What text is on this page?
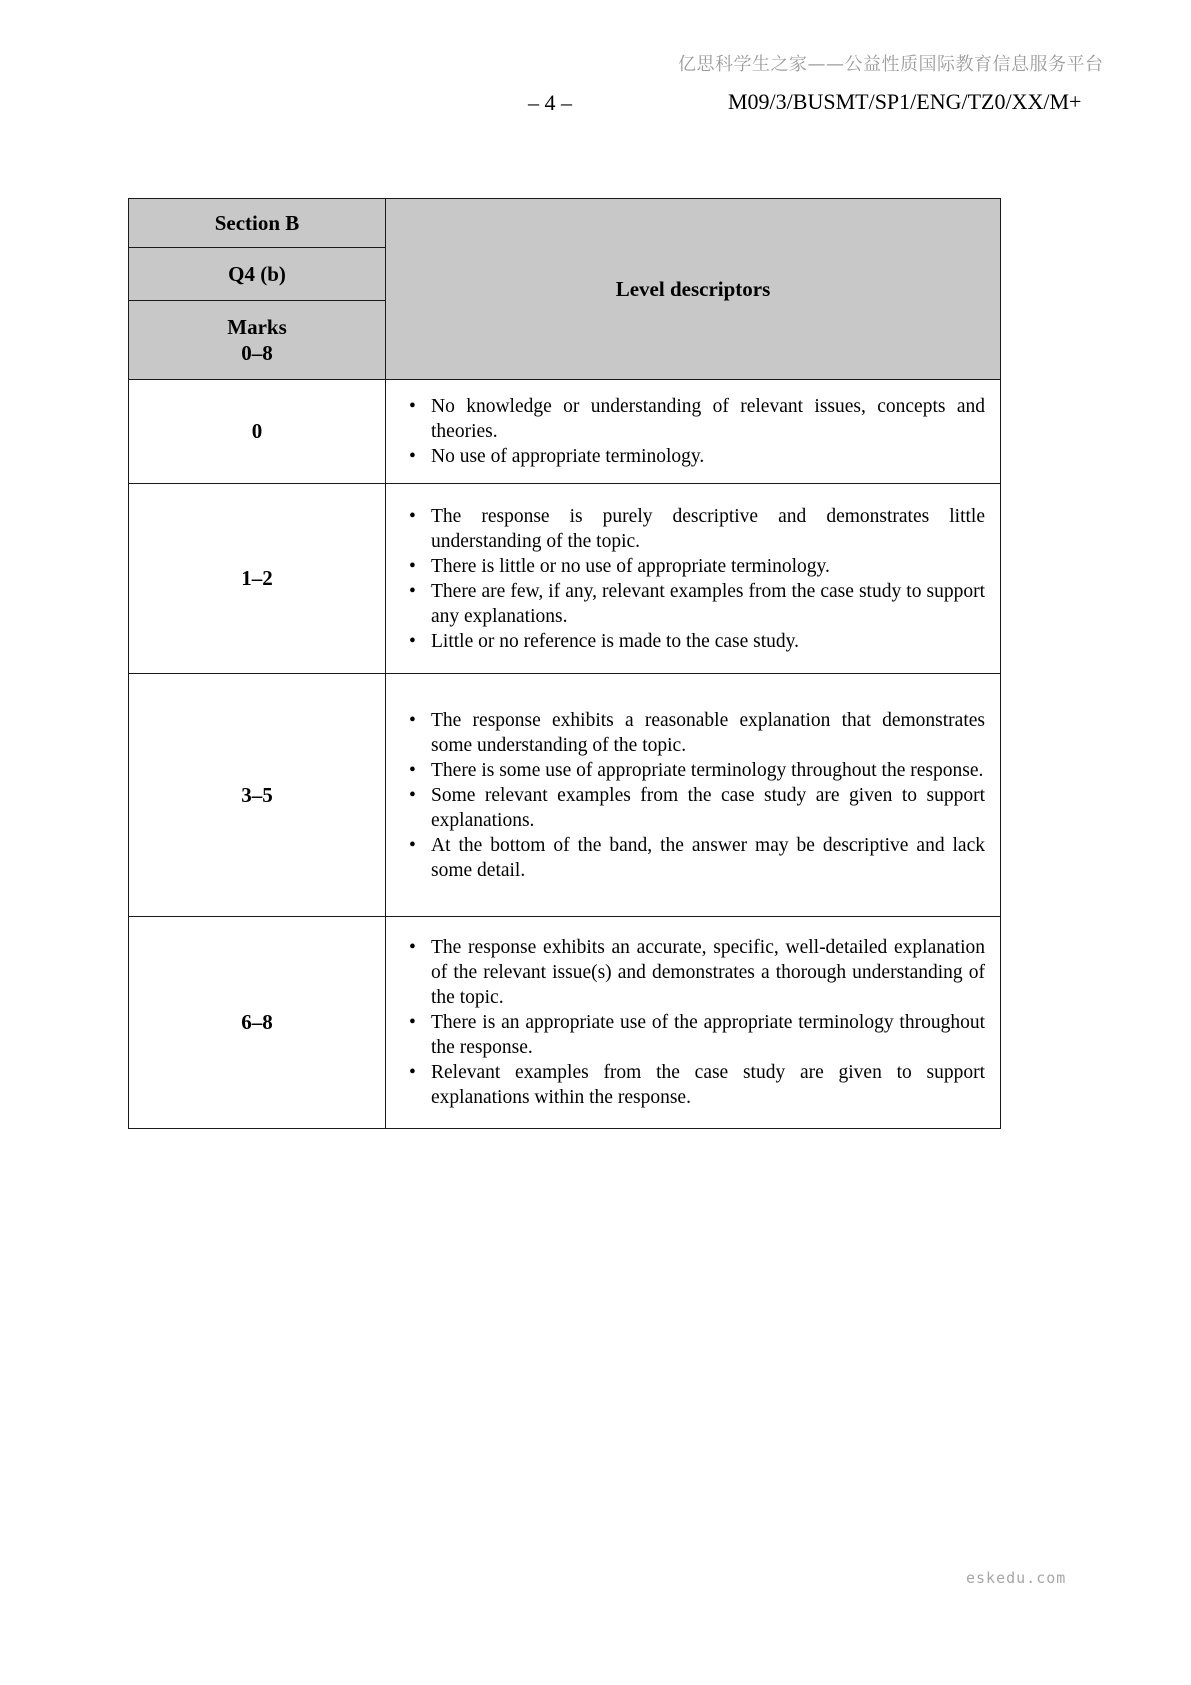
亿思科学生之家——公益性质国际教育信息服务平台
– 4 –	M09/3/BUSMT/SP1/ENG/TZ0/XX/M+
Section B	Level descriptors
Q4 (b)	

Marks
0–8	

0	
• No knowledge or understanding of relevant issues, concepts and theories.
• No use of appropriate terminology.

1–2	
• The response is purely descriptive and demonstrates little understanding of the topic.
• There is little or no use of appropriate terminology.
• There are few, if any, relevant examples from the case study to support any explanations.
• Little or no reference is made to the case study.

3–5	
• The response exhibits a reasonable explanation that demonstrates some understanding of the topic.
• There is some use of appropriate terminology throughout the response.
• Some relevant examples from the case study are given to support explanations.
• At the bottom of the band, the answer may be descriptive and lack some detail.

6–8	
• The response exhibits an accurate, specific, well-detailed explanation of the relevant issue(s) and demonstrates a thorough understanding of the topic.
• There is an appropriate use of the appropriate terminology throughout the response.
• Relevant examples from the case study are given to support explanations within the response.
eskedu.com
